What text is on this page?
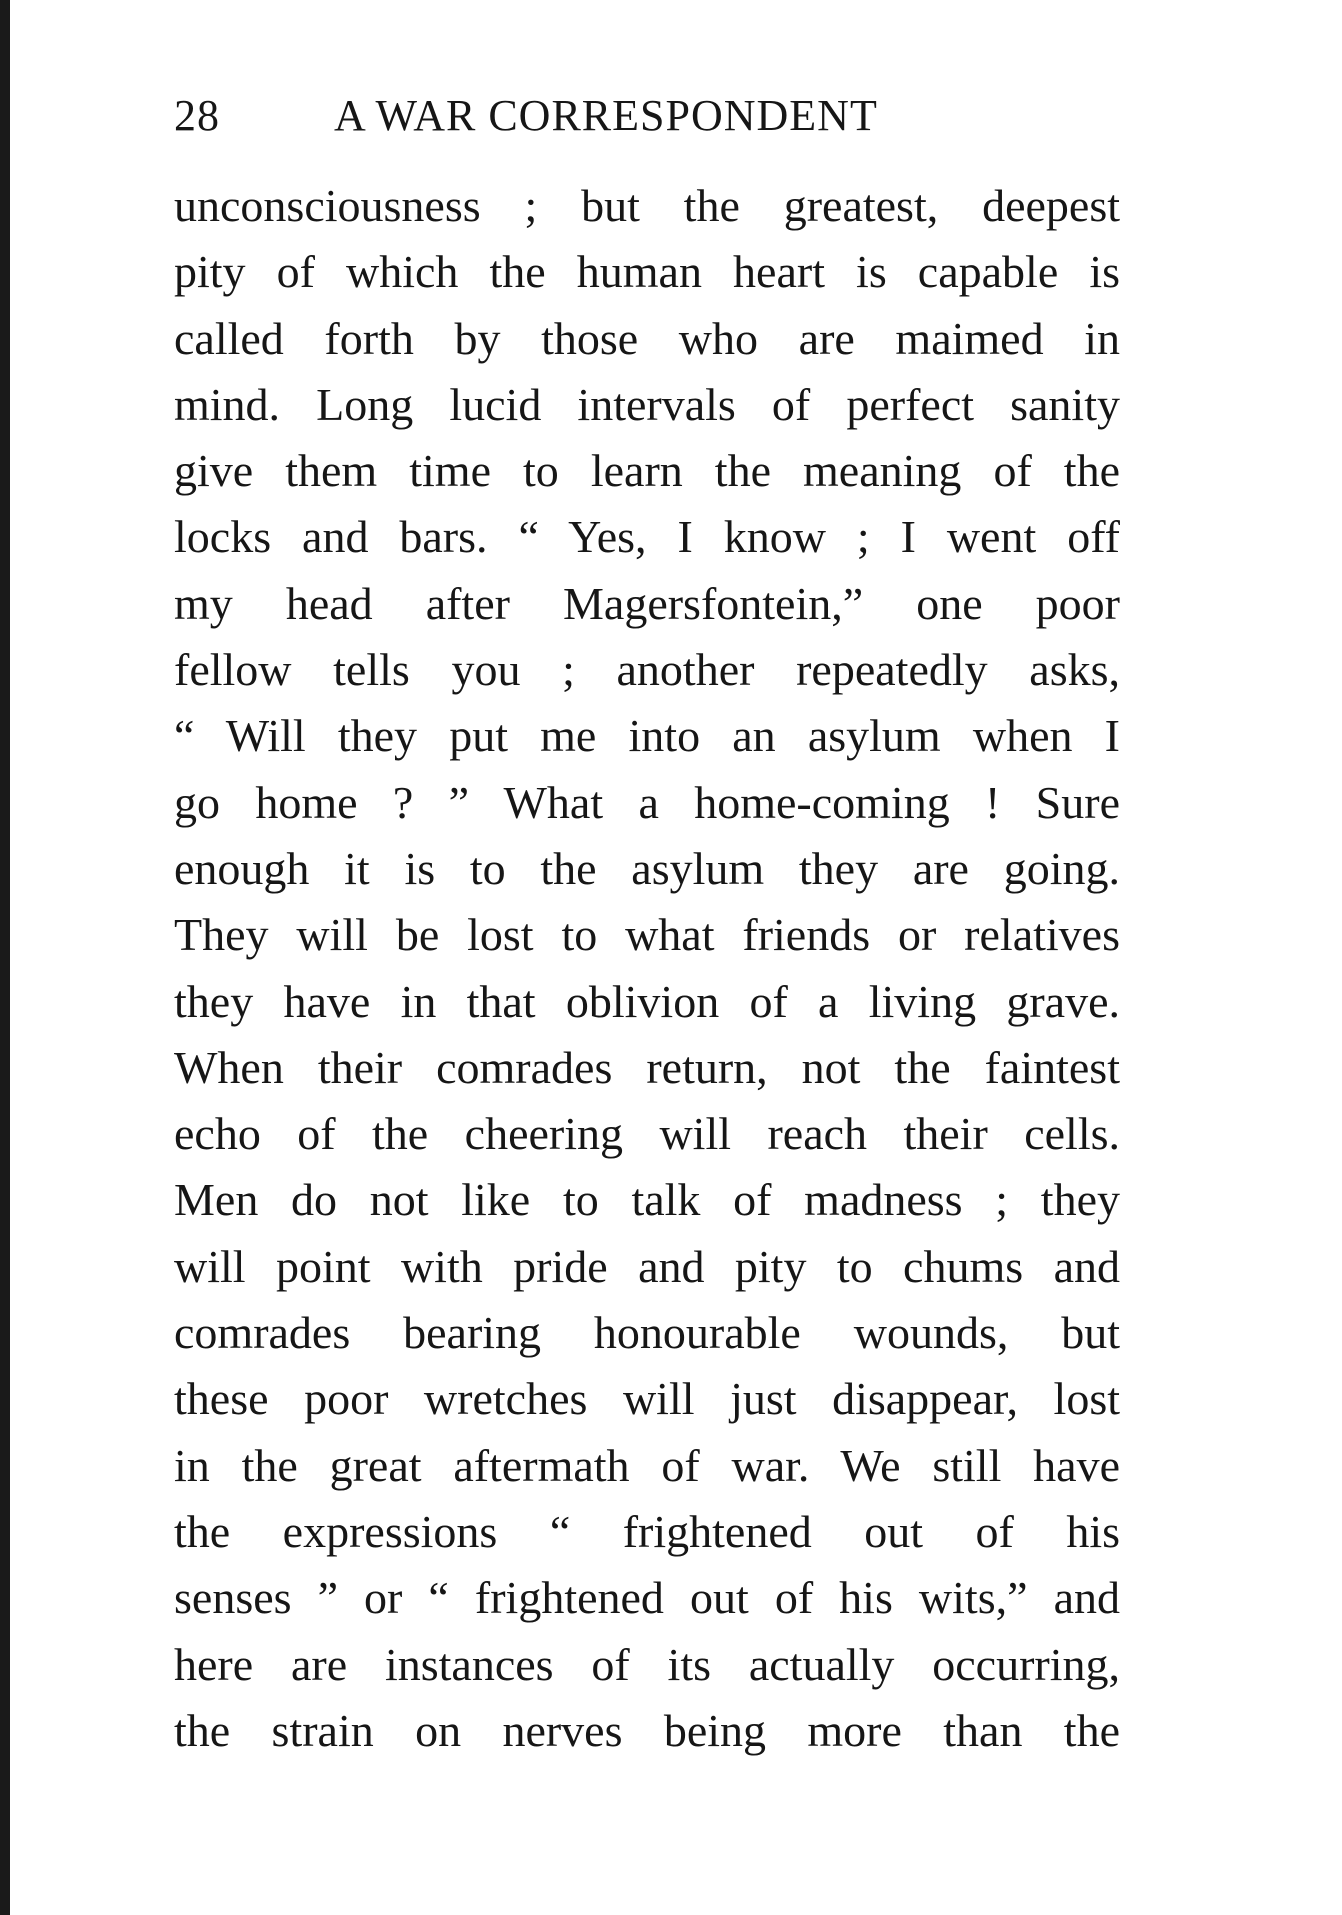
28	A WAR CORRESPONDENT
unconsciousness ; but the greatest, deepest
pity of which the human heart is capable is
called forth by those who are maimed in
mind. Long lucid intervals of perfect sanity
give them time to learn the meaning of the
locks and bars. “ Yes, I know ; I went off
my head after Magersfontein,” one poor
fellow tells you ; another repeatedly asks,
“ Will they put me into an asylum when I
go home ? ” What a home-coming ! Sure
enough it is to the asylum they are going.
They will be lost to what friends or relatives
they have in that oblivion of a living grave.
When their comrades return, not the faintest
echo of the cheering will reach their cells.
Men do not like to talk of madness ; they
will point with pride and pity to chums and
comrades bearing honourable wounds, but
these poor wretches will just disappear, lost
in the great aftermath of war. We still have
the expressions “ frightened out of his
senses ” or “ frightened out of his wits,” and
here are instances of its actually occurring,
the strain on nerves being more than the
